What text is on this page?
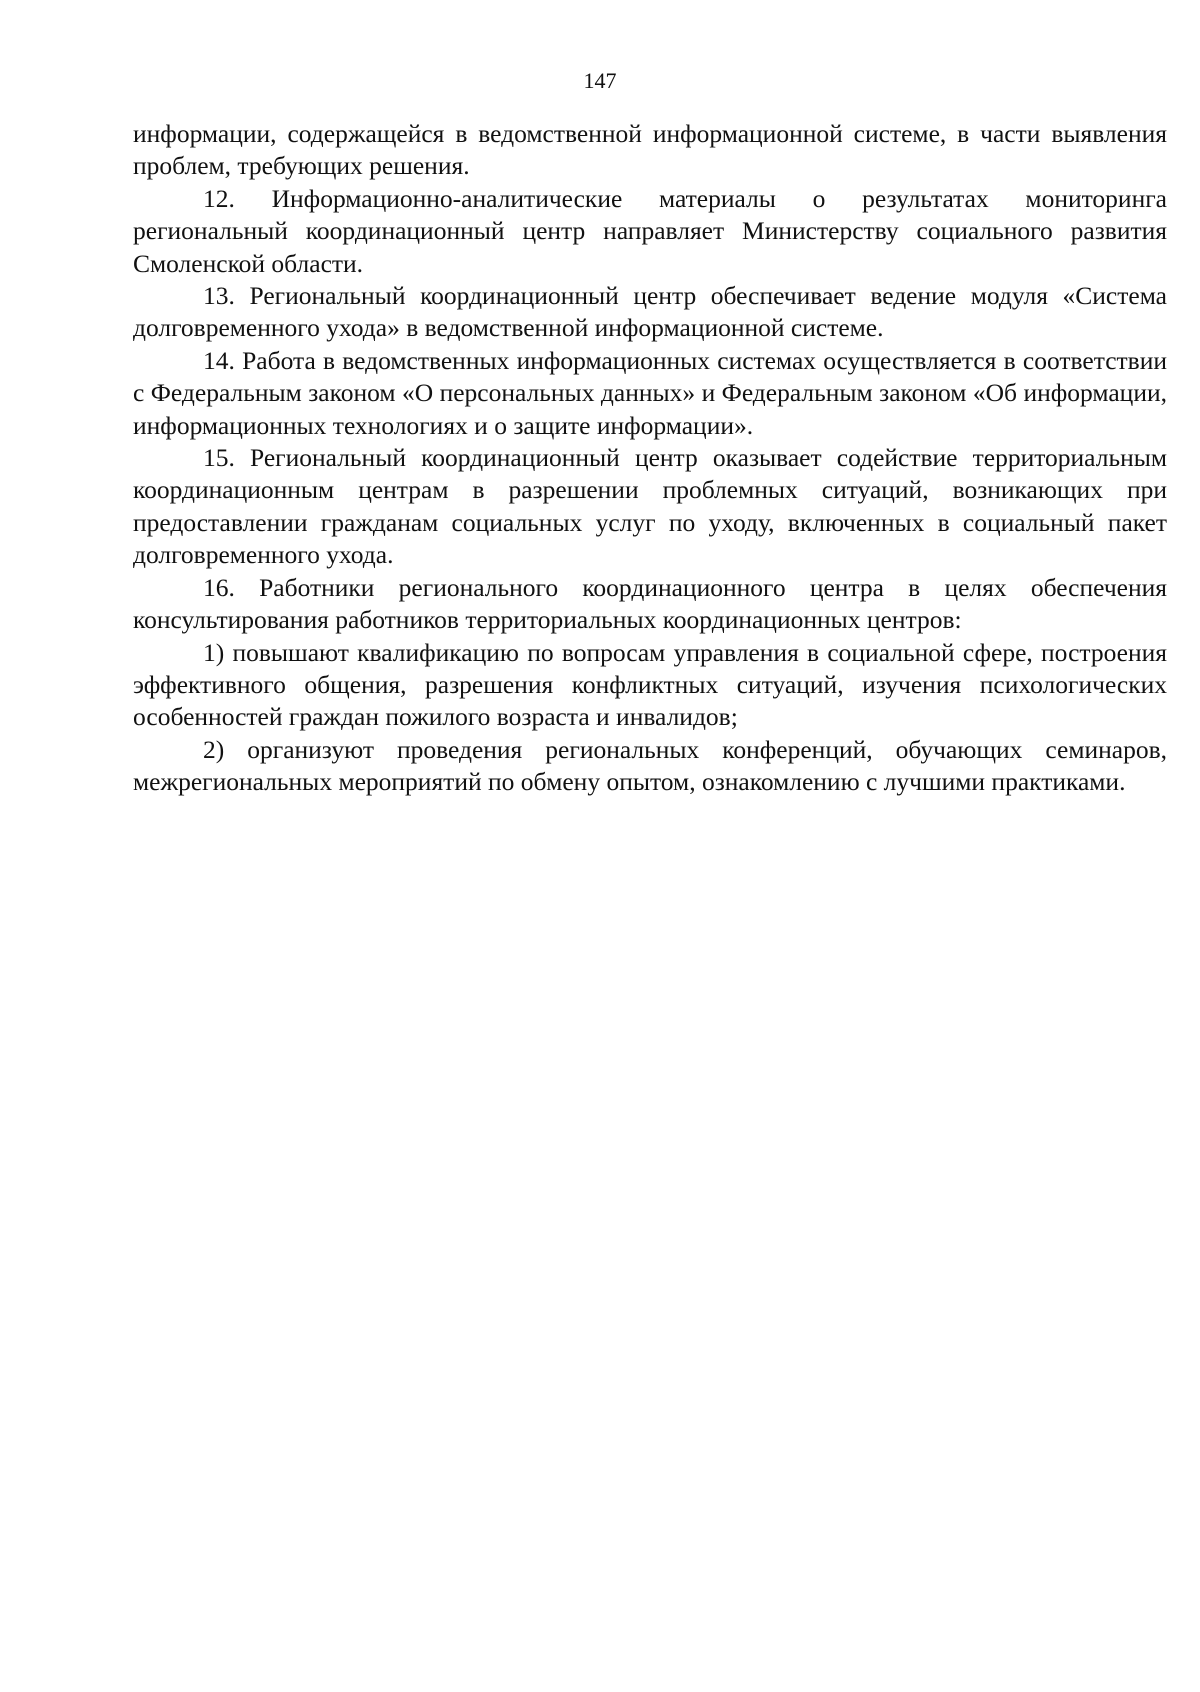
147

информации, содержащейся в ведомственной информационной системе, в части выявления проблем, требующих решения.

12. Информационно-аналитические материалы о результатах мониторинга региональный координационный центр направляет Министерству социального развития Смоленской области.

13. Региональный координационный центр обеспечивает ведение модуля «Система долговременного ухода» в ведомственной информационной системе.

14. Работа в ведомственных информационных системах осуществляется в соответствии с Федеральным законом «О персональных данных» и Федеральным законом «Об информации, информационных технологиях и о защите информации».

15. Региональный координационный центр оказывает содействие территориальным координационным центрам в разрешении проблемных ситуаций, возникающих при предоставлении гражданам социальных услуг по уходу, включенных в социальный пакет долговременного ухода.

16. Работники регионального координационного центра в целях обеспечения консультирования работников территориальных координационных центров:

1) повышают квалификацию по вопросам управления в социальной сфере, построения эффективного общения, разрешения конфликтных ситуаций, изучения психологических особенностей граждан пожилого возраста и инвалидов;

2) организуют проведения региональных конференций, обучающих семинаров, межрегиональных мероприятий по обмену опытом, ознакомлению с лучшими практиками.
